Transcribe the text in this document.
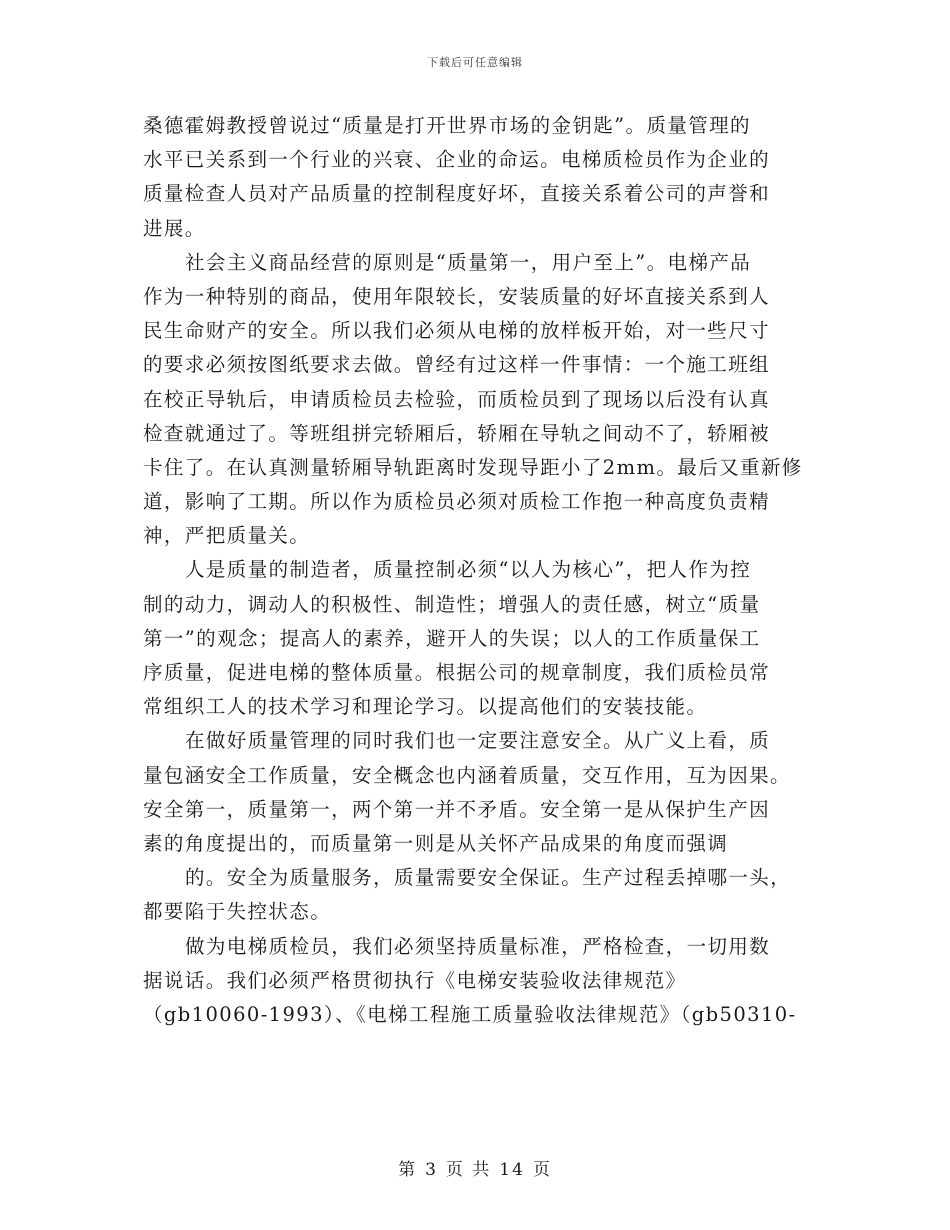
下载后可任意编辑
桑德霍姆教授曾说过“质量是打开世界市场的金钥匙”。质量管理的
水平已关系到一个行业的兴衰、企业的命运。电梯质检员作为企业的
质量检查人员对产品质量的控制程度好坏，直接关系着公司的声誉和
进展。
社会主义商品经营的原则是“质量第一，用户至上”。电梯产品
作为一种特别的商品，使用年限较长，安装质量的好坏直接关系到人
民生命财产的安全。所以我们必须从电梯的放样板开始，对一些尺寸
的要求必须按图纸要求去做。曾经有过这样一件事情：一个施工班组
在校正导轨后，申请质检员去检验，而质检员到了现场以后没有认真
检查就通过了。等班组拼完轿厢后，轿厢在导轨之间动不了，轿厢被
卡住了。在认真测量轿厢导轨距离时发现导距小了2mm。最后又重新修
道，影响了工期。所以作为质检员必须对质检工作抱一种高度负责精
神，严把质量关。
人是质量的制造者，质量控制必须“以人为核心”，把人作为控
制的动力，调动人的积极性、制造性；增强人的责任感，树立“质量
第一”的观念；提高人的素养，避开人的失误；以人的工作质量保工
序质量，促进电梯的整体质量。根据公司的规章制度，我们质检员常
常组织工人的技术学习和理论学习。以提高他们的安装技能。
在做好质量管理的同时我们也一定要注意安全。从广义上看，质
量包涵安全工作质量，安全概念也内涵着质量，交互作用，互为因果。
安全第一，质量第一，两个第一并不矛盾。安全第一是从保护生产因
素的角度提出的，而质量第一则是从关怀产品成果的角度而强调
的。安全为质量服务，质量需要安全保证。生产过程丢掉哪一头，
都要陷于失控状态。
做为电梯质检员，我们必须坚持质量标准，严格检查，一切用数
据说话。我们必须严格贯彻执行《电梯安装验收法律规范》
（gb10060-1993）、《电梯工程施工质量验收法律规范》（gb50310-
第 3 页 共 14 页
